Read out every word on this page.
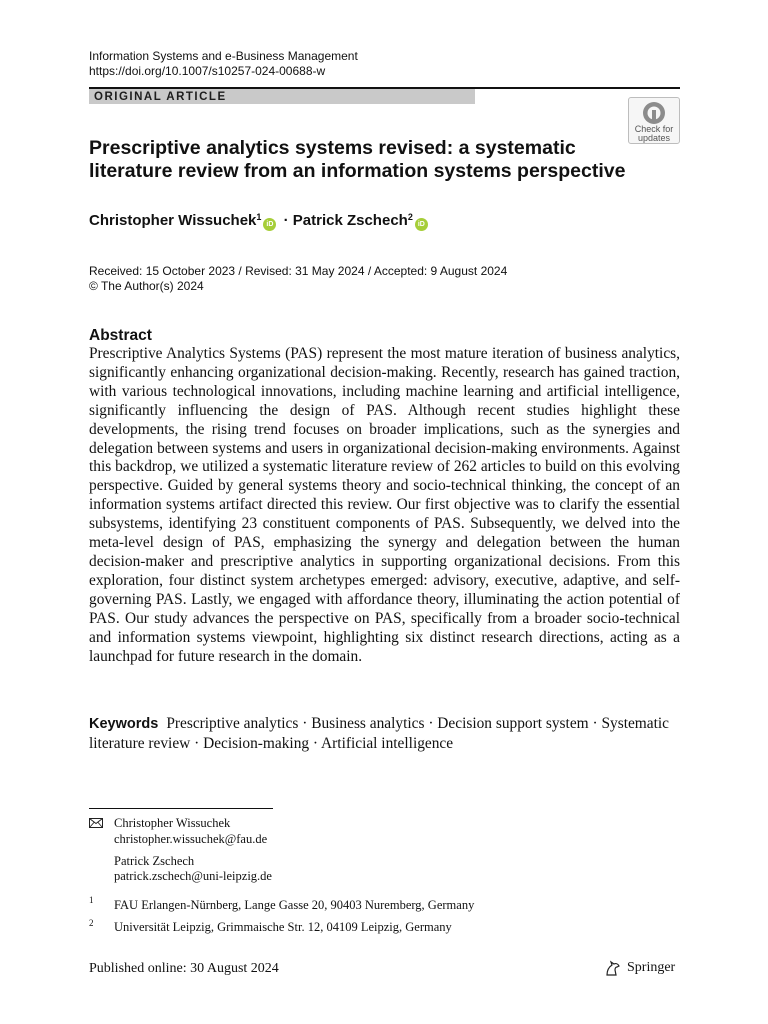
Information Systems and e-Business Management
https://doi.org/10.1007/s10257-024-00688-w
ORIGINAL ARTICLE
Check for
updates
Prescriptive analytics systems revised: a systematic literature review from an information systems perspective
Christopher Wissuchek$^1$iD · Patrick Zschech$^2$iD
Received: 15 October 2023 / Revised: 31 May 2024 / Accepted: 9 August 2024
© The Author(s) 2024
Abstract
Prescriptive Analytics Systems (PAS) represent the most mature iteration of business analytics, significantly enhancing organizational decision-making. Recently, research has gained traction, with various technological innovations, including machine learning and artificial intelligence, significantly influencing the design of PAS. Although recent studies highlight these developments, the rising trend focuses on broader implications, such as the synergies and delegation between systems and users in organizational decision-making environments. Against this backdrop, we utilized a systematic literature review of 262 articles to build on this evolving perspective. Guided by general systems theory and socio-technical thinking, the concept of an information systems artifact directed this review. Our first objective was to clarify the essential subsystems, identifying 23 constituent components of PAS. Subsequently, we delved into the meta-level design of PAS, emphasizing the synergy and delegation between the human decision-maker and prescriptive analytics in supporting organizational decisions. From this exploration, four distinct system archetypes emerged: advisory, executive, adaptive, and self-governing PAS. Lastly, we engaged with affordance theory, illuminating the action potential of PAS. Our study advances the perspective on PAS, specifically from a broader socio-technical and information systems viewpoint, highlighting six distinct research directions, acting as a launchpad for future research in the domain.
Keywords Prescriptive analytics · Business analytics · Decision support system · Systematic literature review · Decision-making · Artificial intelligence
Christopher Wissuchek
christopher.wissuchek@fau.de
Patrick Zschech
patrick.zschech@uni-leipzig.de
1 FAU Erlangen-Nürnberg, Lange Gasse 20, 90403 Nuremberg, Germany
2 Universität Leipzig, Grimmaische Str. 12, 04109 Leipzig, Germany
Published online: 30 August 2024	Springer
